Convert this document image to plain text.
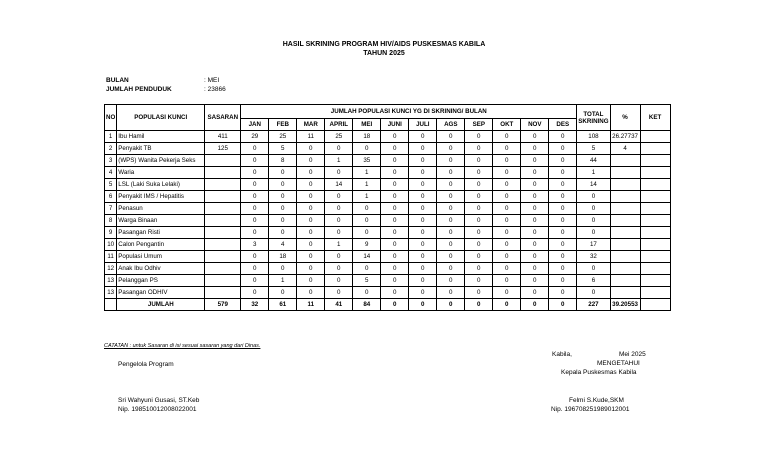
HASIL SKRINING PROGRAM HIV/AIDS PUSKESMAS KABILA
TAHUN 2025
BULAN	: MEI
JUMLAH PENDUDUK	: 23866
NO	POPULASI KUNCI	SASARAN	JUMLAH POPULASI KUNCI YG DI SKRINING/ BULAN												TOTAL SKRINING	%	KET
			JAN	FEB	MAR	APRIL	MEI	JUNI	JULI	AGS	SEP	OKT	NOV	DES			
1	Ibu Hamil	411	29	25	11	25	18	0	0	0	0	0	0	0	108	26.27737	
2	Penyakit TB	125	0	5	0	0	0	0	0	0	0	0	0	0	5	4	
3	(WPS) Wanita Pekerja Seks		0	8	0	1	35	0	0	0	0	0	0	0	44		
4	Waria		0	0	0	0	1	0	0	0	0	0	0	0	1		
5	LSL (Laki Suka Lelaki)		0	0	0	14	1	0	0	0	0	0	0	0	14		
6	Penyakit IMS / Hepatitis		0	0	0	0	1	0	0	0	0	0	0	0	0		
7	Penasun		0	0	0	0	0	0	0	0	0	0	0	0	0		
8	Warga Binaan		0	0	0	0	0	0	0	0	0	0	0	0	0		
9	Pasangan Risti		0	0	0	0	0	0	0	0	0	0	0	0	0		
10	Calon Pengantin		3	4	0	1	9	0	0	0	0	0	0	0	17		
11	Populasi Umum		0	18	0	0	14	0	0	0	0	0	0	0	32		
12	Anak Ibu Odhiv		0	0	0	0	0	0	0	0	0	0	0	0	0		
13	Pelanggan PS		0	1	0	0	5	0	0	0	0	0	0	0	6		
13	Pasangan ODHIV		0	0	0	0	0	0	0	0	0	0	0	0	0		
	JUMLAH	579	32	61	11	41	84	0	0	0	0	0	0	0	227	39.20553	
CATATAN : untuk Sasaran di isi sesuai sasaran yang dari Dinas.
Pengelola Program
Kabila,	Mei 2025
MENGETAHUI
Kepala Puskesmas Kabila
Sri Wahyuni Gusasi, ST.Keb
Nip. 198510012008022001
Felmi S.Kude,SKM
Nip. 196708251989012001
